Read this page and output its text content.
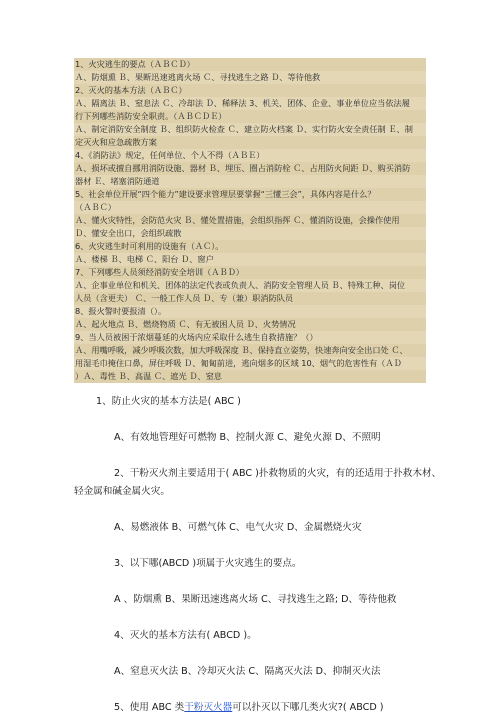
1、火灾逃生的要点（ＡＢＣＤ）
Ａ、防烟熏 Ｂ、果断迅速逃离火场 Ｃ、寻找逃生之路 Ｄ、等待他救
2、灭火的基本方法（ＡＢＣ）
Ａ、隔离法 Ｂ、窒息法 Ｃ、冷却法 Ｄ、稀释法 3、机关、团体、企业、事业单位应当依法履
行下列哪些消防安全职责。（ＡＢＣＤＥ）
Ａ、制定消防安全制度 Ｂ、组织防火检查 Ｃ、建立防火档案 Ｄ、实行防火安全责任制 Ｅ、制
定灭火和应急疏散方案
4、《消防法》规定，任何单位、个人不得（ＡＢＥ）
Ａ、损坏或擅自挪用消防设施、器材 Ｂ、埋压、圈占消防栓 Ｃ、占用防火间距 Ｄ、购买消防
器材 Ｅ、堵塞消防通道
5、社会单位开展“四个能力”建设要求管理层要掌握“三懂三会”，具体内容是什么？
（ＡＢＣ）
Ａ、懂火灾特性，会防范火灾 Ｂ、懂处置措施，会组织指挥 Ｃ、懂消防设施，会操作使用
Ｄ、懂安全出口，会组织疏散
6、火灾逃生时可利用的设施有（ＡＣ）。
Ａ、楼梯 Ｂ、电梯 Ｃ、阳台 Ｄ、窗户
7、下列哪些人员须经消防安全培训（ＡＢＤ）
Ａ、企事业单位和机关、团体的法定代表或负责人、消防安全管理人员 Ｂ、特殊工种、岗位
人员（含更夫） Ｃ、一般工作人员 Ｄ、专（兼）职消防队员
8、报火警时要报清（）。
Ａ、起火地点 Ｂ、燃烧物质 Ｃ、有无被困人员 Ｄ、火势情况
9、当人员被困于浓烟蔓延的火场内应采取什么逃生自救措施？（）
Ａ、用嘴呼吸，减少呼吸次数，加大呼吸深度 Ｂ、保持直立姿势，快速奔向安全出口处 Ｃ、
用湿毛巾掩住口鼻，屏住呼吸 Ｄ、匍匐前进，逃向烟多的区域 10、烟气的危害性有（ＡＤ
）Ａ、毒性 Ｂ、高温 Ｃ、遮光 Ｄ、窒息
1、防止火灾的基本方法是( ABC )
A、有效地管理好可燃物 B、控制火源 C、避免火源 D、不照明
2、干粉灭火剂主要适用于( ABC )扑救物质的火灾，有的还适用于扑救木材、
轻金属和碱金属火灾。
A、易燃液体 B、可燃气体 C、电气火灾 D、金属燃烧火灾
3、以下哪(ABCD )项属于火灾逃生的要点。
A 、防烟熏 B、果断迅速逃离火场 C、寻找逃生之路; D、等待他救
4、灭火的基本方法有( ABCD )。
A、窒息灭火法 B、冷却灭火法 C、隔离灭火法 D、抑制灭火法
5、使用 ABC 类干粉灭火器可以扑灭以下哪几类火灾?( ABCD )
